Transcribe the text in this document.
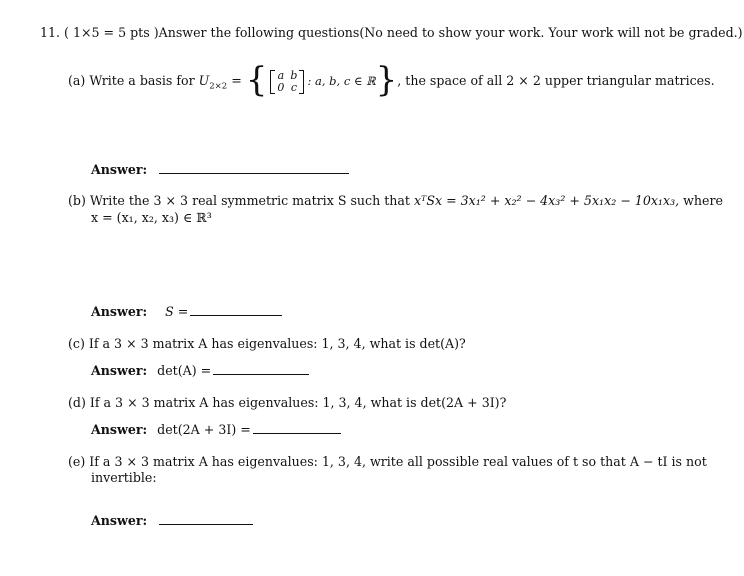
11. ( 1×5 = 5 pts )Answer the following questions(No need to show your work. Your work will not be graded.)
(a) Write a basis for $U_{2\times 2}$ = { a	b
0	c : a, b, c ∈ ℝ}, the space of all 2 × 2 upper triangular matrices.
Answer:
(b) Write the 3 × 3 real symmetric matrix S such that xᵀSx = 3x₁² + x₂² − 4x₃² + 5x₁x₂ − 10x₁x₃, where
x = (x₁, x₂, x₃) ∈ ℝ³
Answer: S =
(c) If a 3 × 3 matrix A has eigenvalues: 1, 3, 4, what is det(A)?
Answer: det(A) =
(d) If a 3 × 3 matrix A has eigenvalues: 1, 3, 4, what is det(2A + 3I)?
Answer: det(2A + 3I) =
(e) If a 3 × 3 matrix A has eigenvalues: 1, 3, 4, write all possible real values of t so that A − tI is not
invertible:
Answer:
